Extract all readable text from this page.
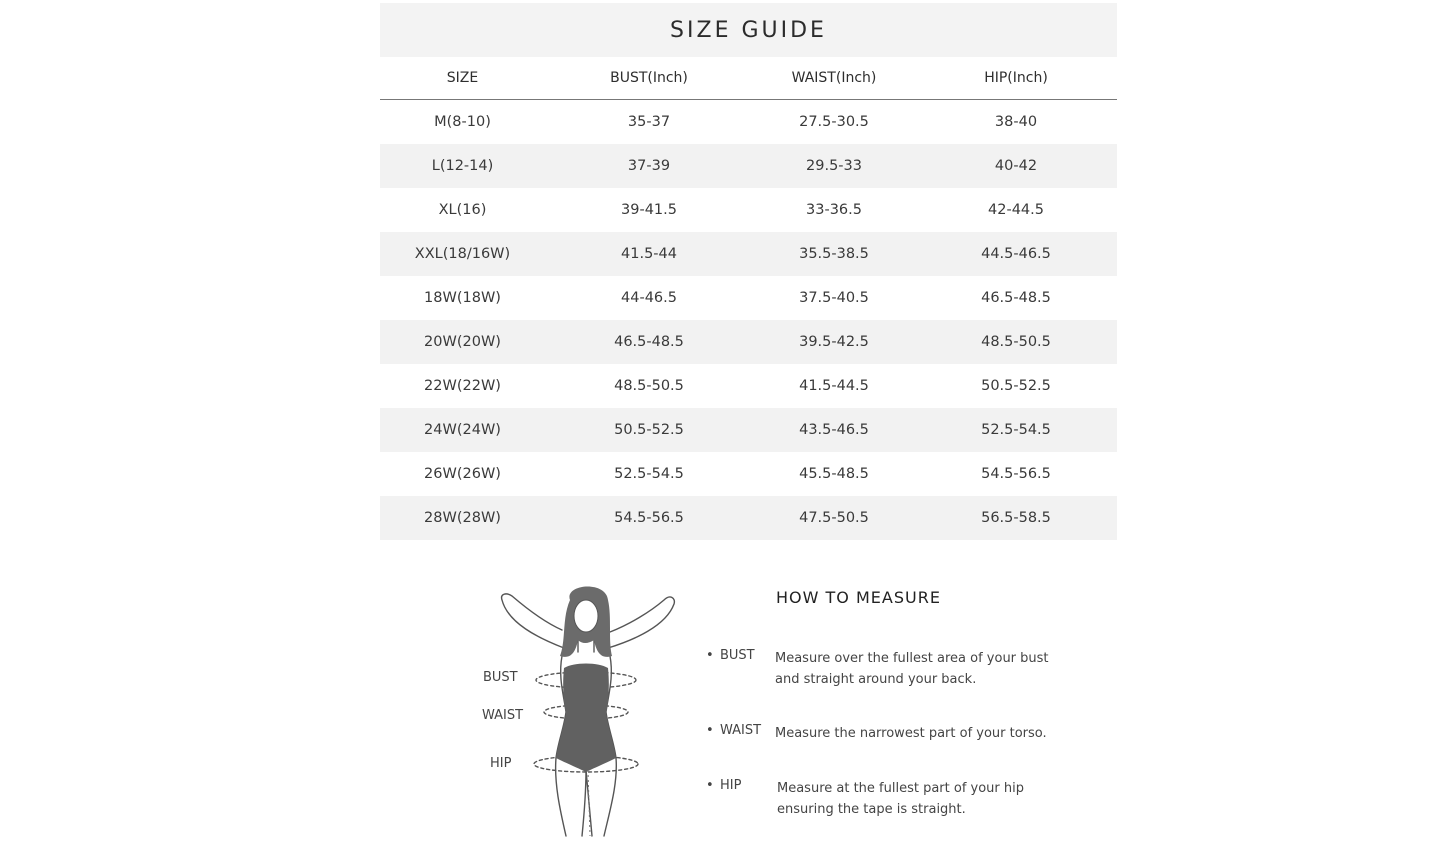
SIZE GUIDE
SIZE	BUST(Inch)	WAIST(Inch)	HIP(Inch)
M(8-10)	35-37	27.5-30.5	38-40
L(12-14)	37-39	29.5-33	40-42
XL(16)	39-41.5	33-36.5	42-44.5
XXL(18/16W)	41.5-44	35.5-38.5	44.5-46.5
18W(18W)	44-46.5	37.5-40.5	46.5-48.5
20W(20W)	46.5-48.5	39.5-42.5	48.5-50.5
22W(22W)	48.5-50.5	41.5-44.5	50.5-52.5
24W(24W)	50.5-52.5	43.5-46.5	52.5-54.5
26W(26W)	52.5-54.5	45.5-48.5	54.5-56.5
28W(28W)	54.5-56.5	47.5-50.5	56.5-58.5
BUST
WAIST
HIP
HOW TO MEASURE
• BUST Measure over the fullest area of your bust and straight around your back.
• WAIST Measure the narrowest part of your torso.
• HIP	Measure at the fullest part of your hip ensuring the tape is straight.
